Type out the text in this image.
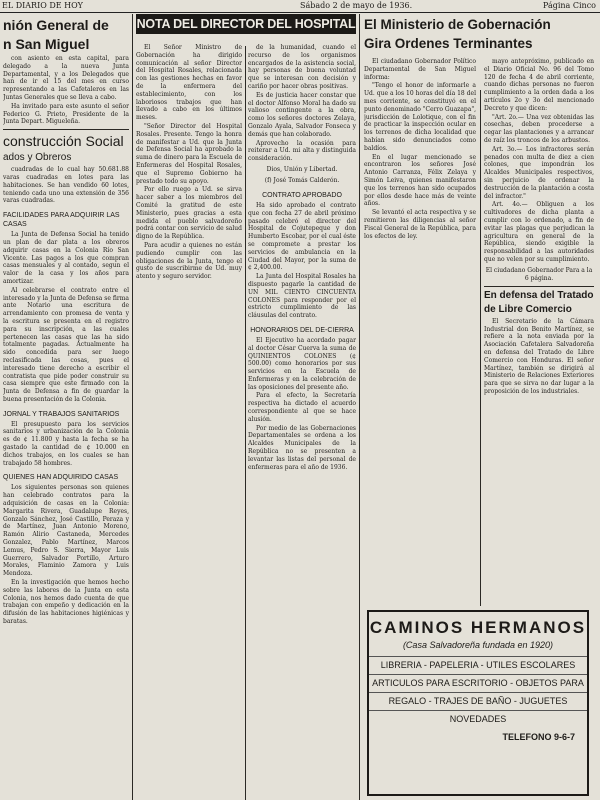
EL DIARIO DE HOY	Sábado 2 de mayo de 1936.	Página Cinco
nión General de
n San Miguel

con asiento en esta capital, para delegado a la nueva Junta Departamental, y a los Delegados que han de ir el 15 del mes en curso representando a las Cafetaleros en las Juntas Generales que se lleva a cabo.

Ha invitado para este asunto el señor Federico G. Prieto, Presidente de la Junta Depart. Migueleña.

construcción Social
ados y Obreros

cuadradas de lo cual hay 50.681.88 varas cuadradas en lotes para las habitaciones. Se han vendido 60 lotes, teniendo cada uno una extensión de 356 varas cuadradas.

FACILIDADES PARA ADQUIRIR LAS CASAS

La Junta de Defensa Social ha tenido un plan de dar plata a los obreros adquirir casas en la Colonia Río San Vicente. Las pagos a los que compran casas mensuales y al contado, segun el valor de la casa y los años para amortizar.

Al celebrarse el contrato entre el interesado y la Junta de Defensa se firma ante Notario una escritura de arrendamiento con promesa de venta y la escritura se presenta en el registro para su inscripción, a las cuales pertenecen las casas que las ha sido totalmente pagadas. Actualmente ha sido concedida para ser luego reclasificada las cosas, pues el interesado tiene derecho a escribir el contratista que pide poder construir su casa siempre que este firmado con la Junta de Defensa a fin de guardar la buena presentación de la Colonia.

JORNAL Y TRABAJOS SANITARIOS

El presupuesto para los servicios sanitarios y urbanización de la Colonia es de ¢ 11.800 y hasta la fecha se ha gastado la cantidad de ¢ 10.000 en dichos trabajos, en los cuales se han trabajado 58 hombres.

QUIENES HAN ADQUIRIDO CASAS

Los siguientes personas son quienes han celebrado contratos para la adquisición de casas en la Colonia: Margarita Rivera, Guadalupe Reyes, Gonzalo Sánchez, José Castillo, Peraza y de Martínez, Juan Antonio Moreno, Ramón Alirio Castaneda, Mercedes Gonzalez, Pablo Martínez, Marcos Lemus, Pedro S. Sierra, Mayor Luis Guerrero, Salvador Portillo, Arturo Morales, Flaminio Zamora y Luis Mendoza.

En la investigación que hemos hecho sobre las labores de la Junta en esta Colonia, nos hemos dado cuenta de que trabajan con empeño y dedicación en la difusión de las habitaciones higiénicas y baratas.

NOTA DEL DIRECTOR DEL HOSPITAL

El Señor Ministro de Gobernación ha dirigido comunicación al señor Director del Hospital Rosales, relacionada con las gestiones hechas en favor de la enfermera del establecimiento, con los laboriosos trabajos que han llevado a cabo en los últimos meses.

"Señor Director del Hospital Rosales. Presente. Tengo la honra de manifestar a Ud. que la Junta de Defensa Social ha aprobado la suma de dinero para la Escuela de Enfermeras del Hospital Rosales, que el Supremo Gobierno ha prestado todo su apoyo.

Por ello ruego a Ud. se sirva hacer saber a los miembros del Comité la gratitud de este Ministerio, pues gracias a esta medida el pueblo salvadoreño podrá contar con servicio de salud digno de la República.

Para acudir a quienes no están pudiendo cumplir con las obligaciones de la Junta, tengo el gusto de suscribirme de Ud. muy atento y seguro servidor.

de la humanidad, cuando el recurso de los organismos encargados de la asistencia social, hay personas de buena voluntad que se interesan con decisión y cariño por hacer obras positivas.

Es de justicia hacer constar que el doctor Alfonso Moral ha dado su valioso contingente a la obra, como los señores doctores Zelaya, Gonzalo Ayala, Salvador Fonseca y demás que han colaborado.

Aprovecho la ocasión para reiterar a Ud. mi alta y distinguida consideración.

Dios, Unión y Libertad.
(f) José Tomás Calderón.
CONTRATO APROBADO

Ha sido aprobado el contrato que con fecha 27 de abril próximo pasado celebró el director del Hospital de Cojutepeque y don Humberto Escobar, por el cual éste se compromete a prestar los servicios de ambulancia en la Ciudad del Mayor, por la suma de ¢ 2,400.00.

La Junta del Hospital Rosales ha dispuesto pagarle la cantidad de UN MIL CIENTO CINCUENTA COLONES para responder por el estricto cumplimiento de las cláusulas del contrato.

HONORARIOS DEL DE-CIERRA

El Ejecutivo ha acordado pagar al doctor César Cuerva la suma de QUINIENTOS COLONES (¢ 500.00) como honorarios por sus servicios en la Escuela de Enfermeras y en la celebración de las oposiciones del presente año.

Para el efecto, la Secretaría respectiva ha dictado el acuerdo correspondiente al que se hace alusión.

Por medio de las Gobernaciones Departamentales se ordena a los Alcaldes Municipales de la República no se presenten a levantar las listas del personal de enfermeras para el año de 1936.

El Ministerio de Gobernación
Gira Ordenes Terminantes

El ciudadano Gobernador Político Departamental de San Miguel informa:

"Tengo el honor de informarle a Ud. que a los 10 horas del día 18 del mes corriente, se constituyó en el punto denominado "Cerro Guazapa", jurisdicción de Lolotique, con el fin de practicar la inspección ocular en los terrenos de dicha localidad que habían sido denunciados como baldíos.

En el lugar mencionado se encontraron los señores José Antonio Carranza, Félix Zelaya y Simón Leiva, quienes manifestaron que los terrenos han sido ocupados por ellos desde hace más de veinte años.

Se levantó el acta respectiva y se remitieron las diligencias al señor Fiscal General de la República, para los efectos de ley.

mayo antepróximo, publicado en el Diario Oficial No. 96 del Tomo 120 de fecha 4 de abril corriente, cuando dichas personas no fueron cumplimiento a la orden dada a los artículos 2o y 3o del mencionado Decreto y que dicen:

"Art. 2o.— Una vez obtenidas las cosechas, deben procederse a cegar las plantaciones y a arrancar de raíz los troncos de los arbustos.

Art. 3o.— Los infractores serán penados con multa de diez a cien colones, que impondrán los Alcaldes Municipales respectivos, sin perjuicio de ordenar la destrucción de la plantación a costa del infractor."

Art. 4o.— Obliguen a los cultivadores de dicha planta a cumplir con lo ordenado, a fin de evitar las plagas que perjudican la agricultura en general de la República, siendo exigible la responsabilidad a las autoridades que no velen por su cumplimiento.

El ciudadano Gobernador Para a la 6 página.
En defensa del Tratado
de Libre Comercio

El Secretario de la Cámara Industrial don Benito Martínez, se refiere a la nota enviada por la Asociación Cafetalera Salvadoreña en defensa del Tratado de Libre Comercio con Honduras. El señor Martínez, también se dirigirá al Ministerio de Relaciones Exteriores para que se sirva no dar lugar a la proposición de los industriales.

CAMINOS HERMANOS
(Casa Salvadoreña fundada en 1920)
LIBRERIA - PAPELERIA - UTILES ESCOLARES
ARTICULOS PARA ESCRITORIO - OBJETOS PARA
REGALO - TRAJES DE BAÑO - JUGUETES
NOVEDADES
TELEFONO 9-6-7
